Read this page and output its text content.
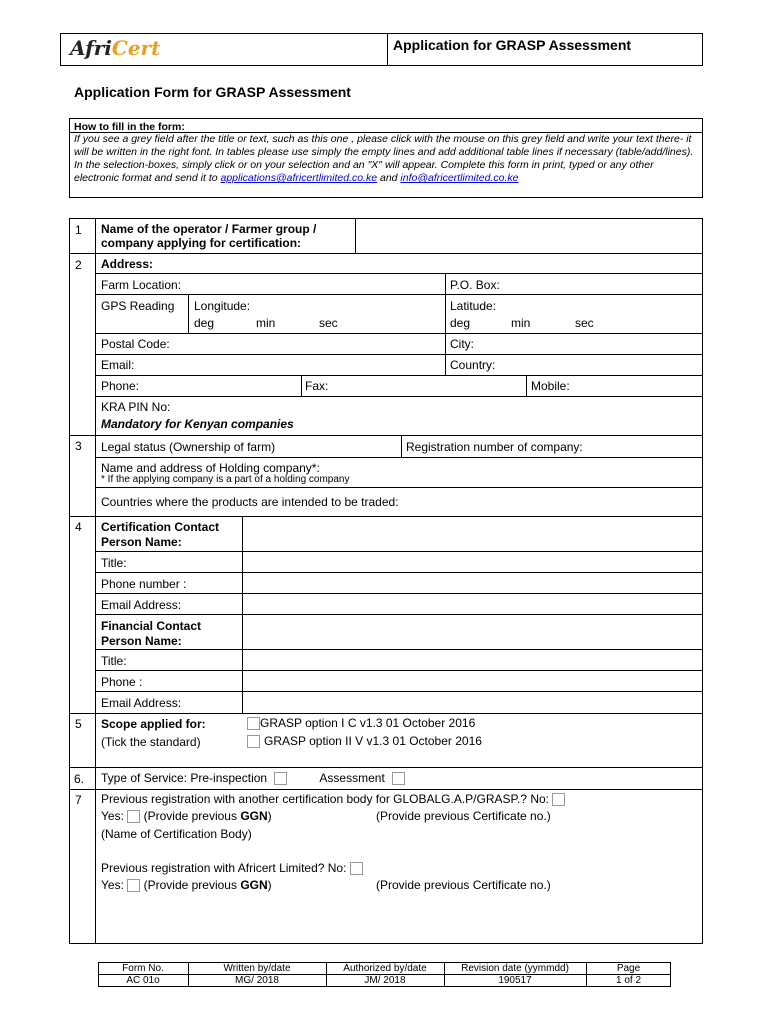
AfriCert	Application for GRASP Assessment
Application Form for GRASP Assessment
How to fill in the form:
If you see a grey field after the title or text, such as this one , please click with the mouse on this grey field and write your text there- it will be written in the right font. In tables please use simply the empty lines and add additional table lines if necessary (table/add/lines). In the selection-boxes, simply click or on your selection and an "X" will appear. Complete this form in print, typed or any other electronic format and send it to applications@africertlimited.co.ke and info@africertlimited.co.ke
1 Name of the operator / Farmer group / company applying for certification:
2 Address:
Farm Location:	P.O. Box:
GPS Reading Longitude:
deg	min	sec
Latitude:
deg	min	sec
Postal Code:	City:
Email:	Country:
Phone:	Fax:	Mobile:
KRA PIN No:
Mandatory for Kenyan companies
3 Legal status (Ownership of farm)	Registration number of company:
Name and address of Holding company*:
* If the applying company is a part of a holding company
Countries where the products are intended to be traded:
4 Certification Contact Person Name:
Title:
Phone number :
Email Address:
Financial Contact Person Name:
Title:
Phone :
Email Address:
5 Scope applied for:
(Tick the standard)
GRASP option I C v1.3 01 October 2016
GRASP option II V v1.3 01 October 2016
6. Type of Service: Pre-inspection	Assessment
7 Previous registration with another certification body for GLOBALG.A.P/GRASP.? No:
Yes: (Provide previous GGN)	(Provide previous Certificate no.)
(Name of Certification Body)
Previous registration with Africert Limited? No:
Yes: (Provide previous GGN)	(Provide previous Certificate no.)
Form No.	Written by/date	Authorized by/date	Revision date (yymmdd)	Page
AC 01o	MG/ 2018	JM/ 2018	190517	1 of 2
